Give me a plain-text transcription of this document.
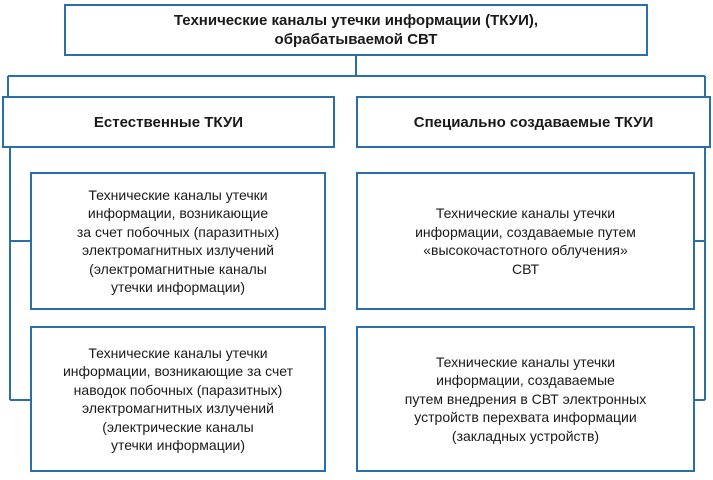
Технические каналы утечки информации (ТКУИ),
обрабатываемой СВТ
Естественные ТКУИ	Специально создаваемые ТКУИ
Технические каналы утечки
информации, возникающие
за счет побочных (паразитных)
электромагнитных излучений
(электромагнитные каналы
утечки информации)
Технические каналы утечки
информации, возникающие за счет
наводок побочных (паразитных)
электромагнитных излучений
(электрические каналы
утечки информации)
Технические каналы утечки
информации, создаваемые путем
«высокочастотного облучения»
СВТ
Технические каналы утечки
информации, создаваемые
путем внедрения в СВТ электронных
устройств перехвата информации
(закладных устройств)
